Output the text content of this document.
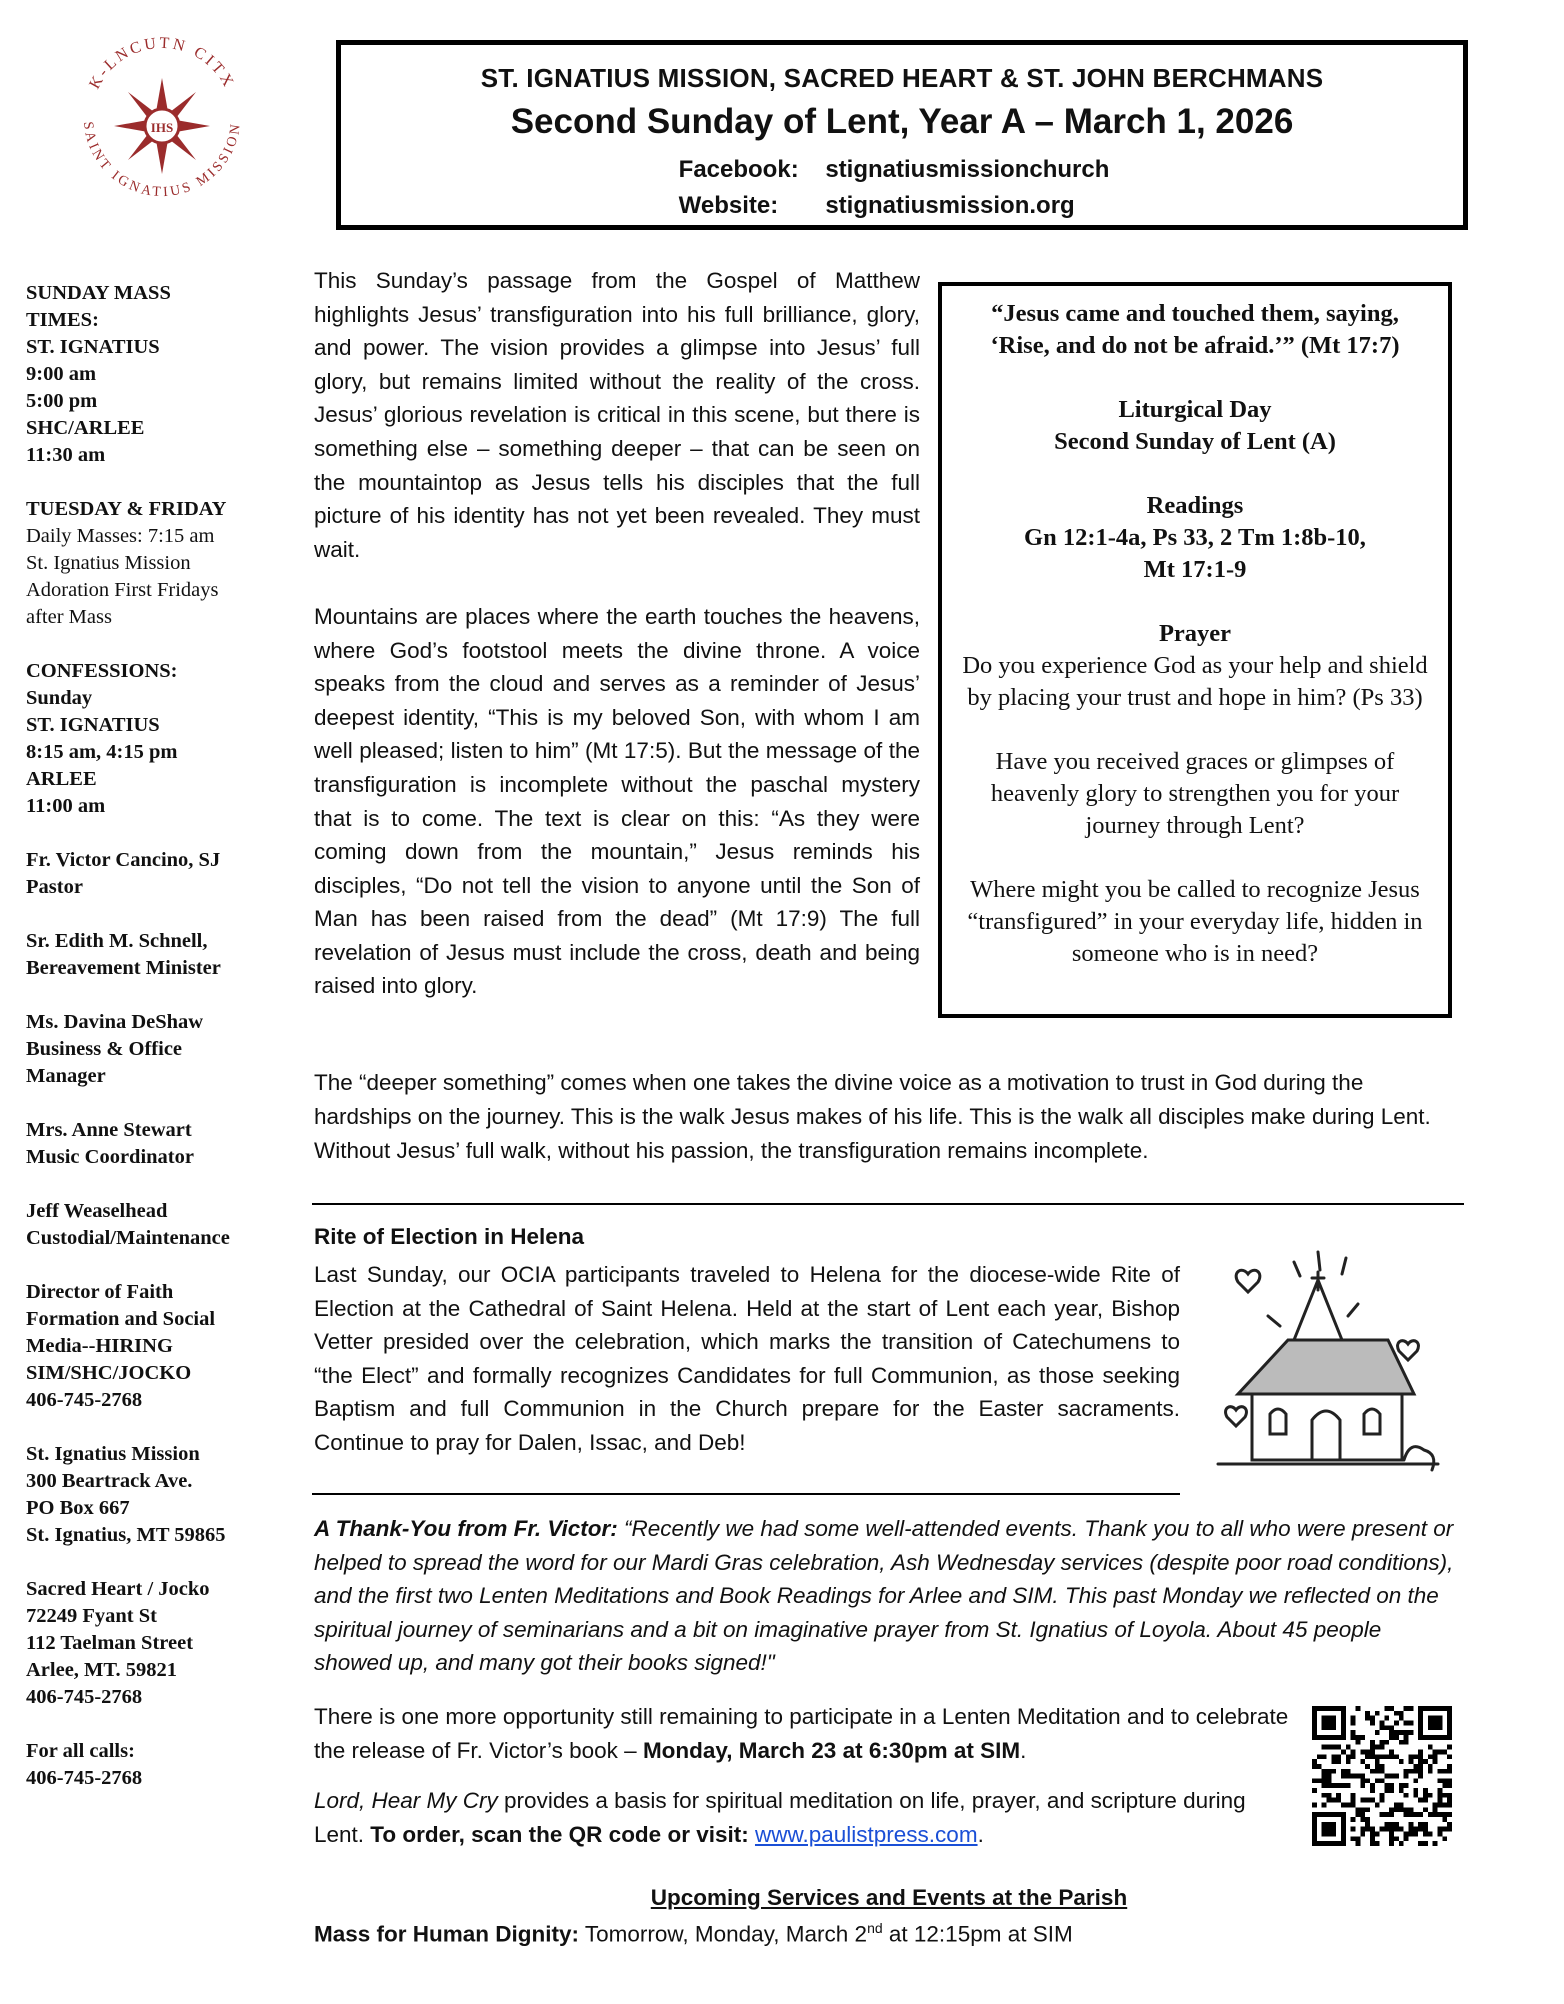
K-LNCUTN CITX
SAINT IGNATIUS MISSION
IHS
ST. IGNATIUS MISSION, SACRED HEART & ST. JOHN BERCHMANS
Second Sunday of Lent, Year A – March 1, 2026
Facebook: stignatiusmissionchurch
Website: stignatiusmission.org
SUNDAY MASS
TIMES:
ST. IGNATIUS
9:00 am
5:00 pm
SHC/ARLEE
11:30 am
TUESDAY & FRIDAY
Daily Masses: 7:15 am
St. Ignatius Mission
Adoration First Fridays
after Mass
CONFESSIONS:
Sunday
ST. IGNATIUS
8:15 am, 4:15 pm
ARLEE
11:00 am
Fr. Victor Cancino, SJ
Pastor
Sr. Edith M. Schnell,
Bereavement Minister
Ms. Davina DeShaw
Business & Office
Manager
Mrs. Anne Stewart
Music Coordinator
Jeff Weaselhead
Custodial/Maintenance
Director of Faith
Formation and Social
Media--HIRING
SIM/SHC/JOCKO
406-745-2768
St. Ignatius Mission
300 Beartrack Ave.
PO Box 667
St. Ignatius, MT 59865
Sacred Heart / Jocko
72249 Fyant St
112 Taelman Street
Arlee, MT. 59821
406-745-2768
For all calls:
406-745-2768

This Sunday’s passage from the Gospel of Matthew highlights Jesus’ transfiguration into his full brilliance, glory, and power. The vision provides a glimpse into Jesus’ full glory, but remains limited without the reality of the cross. Jesus’ glorious revelation is critical in this scene, but there is something else – something deeper – that can be seen on the mountaintop as Jesus tells his disciples that the full picture of his identity has not yet been revealed. They must wait.

Mountains are places where the earth touches the heavens, where God’s footstool meets the divine throne. A voice speaks from the cloud and serves as a reminder of Jesus’ deepest identity, “This is my beloved Son, with whom I am well pleased; listen to him” (Mt 17:5). But the message of the transfiguration is incomplete without the paschal mystery that is to come. The text is clear on this: “As they were coming down from the mountain,” Jesus reminds his disciples, “Do not tell the vision to anyone until the Son of Man has been raised from the dead” (Mt 17:9) The full revelation of Jesus must include the cross, death and being raised into glory.

“Jesus came and touched them, saying,
‘Rise, and do not be afraid.’” (Mt 17:7)
Liturgical Day
Second Sunday of Lent (A)
Readings
Gn 12:1-4a, Ps 33, 2 Tm 1:8b-10,
Mt 17:1-9
Prayer
Do you experience God as your help and shield by placing your trust and hope in him? (Ps 33)
Have you received graces or glimpses of heavenly glory to strengthen you for your journey through Lent?
Where might you be called to recognize Jesus “transfigured” in your everyday life, hidden in someone who is in need?
The “deeper something” comes when one takes the divine voice as a motivation to trust in God during the hardships on the journey. This is the walk Jesus makes of his life. This is the walk all disciples make during Lent. Without Jesus’ full walk, without his passion, the transfiguration remains incomplete.
Rite of Election in Helena
Last Sunday, our OCIA participants traveled to Helena for the diocese-wide Rite of Election at the Cathedral of Saint Helena. Held at the start of Lent each year, Bishop Vetter presided over the celebration, which marks the transition of Catechumens to “the Elect” and formally recognizes Candidates for full Communion, as those seeking Baptism and full Communion in the Church prepare for the Easter sacraments. Continue to pray for Dalen, Issac, and Deb!
A Thank-You from Fr. Victor: “Recently we had some well-attended events. Thank you to all who were present or helped to spread the word for our Mardi Gras celebration, Ash Wednesday services (despite poor road conditions), and the first two Lenten Meditations and Book Readings for Arlee and SIM. This past Monday we reflected on the spiritual journey of seminarians and a bit on imaginative prayer from St. Ignatius of Loyola. About 45 people showed up, and many got their books signed!"
There is one more opportunity still remaining to participate in a Lenten Meditation and to celebrate the release of Fr. Victor’s book – Monday, March 23 at 6:30pm at SIM.
Lord, Hear My Cry provides a basis for spiritual meditation on life, prayer, and scripture during Lent. To order, scan the QR code or visit: www.paulistpress.com.
Upcoming Services and Events at the Parish
Mass for Human Dignity: Tomorrow, Monday, March 2nd at 12:15pm at SIM
